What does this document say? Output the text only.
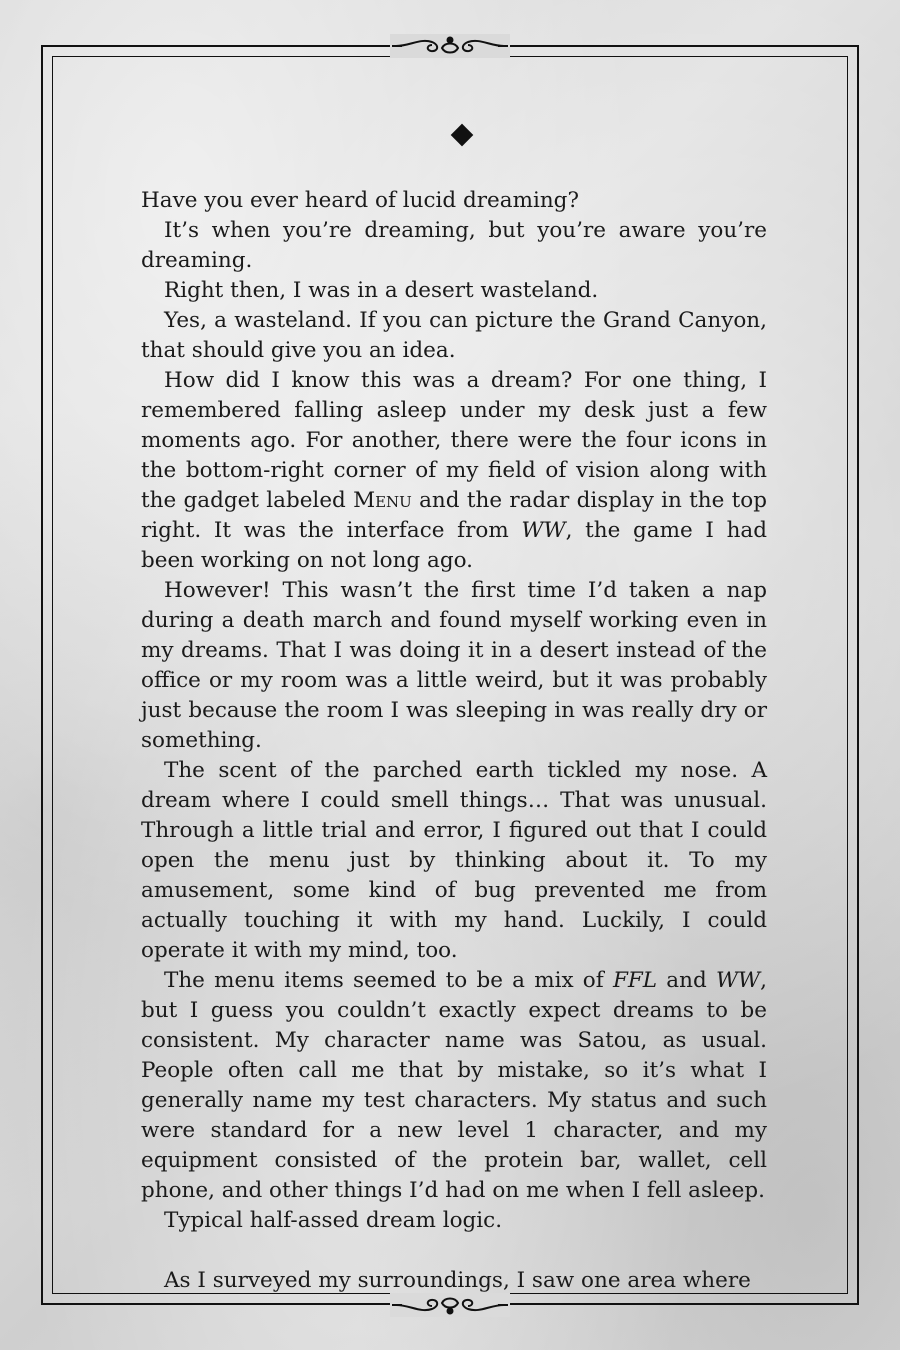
Have you ever heard of lucid dreaming?

It’s when you’re dreaming, but you’re aware you’re dreaming.

Right then, I was in a desert wasteland.

Yes, a wasteland. If you can picture the Grand Canyon, that should give you an idea.

How did I know this was a dream? For one thing, I remembered falling asleep under my desk just a few moments ago. For another, there were the four icons in the bottom-right corner of my field of vision along with the gadget labeled Menu and the radar display in the top right. It was the interface from WW, the game I had been working on not long ago.

However! This wasn’t the first time I’d taken a nap during a death march and found myself working even in my dreams. That I was doing it in a desert instead of the office or my room was a little weird, but it was probably just because the room I was sleeping in was really dry or something.

The scent of the parched earth tickled my nose. A dream where I could smell things… That was unusual. Through a little trial and error, I figured out that I could open the menu just by thinking about it. To my amusement, some kind of bug prevented me from actually touching it with my hand. Luckily, I could operate it with my mind, too.

The menu items seemed to be a mix of FFL and WW, but I guess you couldn’t exactly expect dreams to be consistent. My character name was Satou, as usual. People often call me that by mistake, so it’s what I generally name my test characters. My status and such were standard for a new level 1 character, and my equipment consisted of the protein bar, wallet, cell phone, and other things I’d had on me when I fell asleep.

Typical half-assed dream logic.

As I surveyed my surroundings, I saw one area where
